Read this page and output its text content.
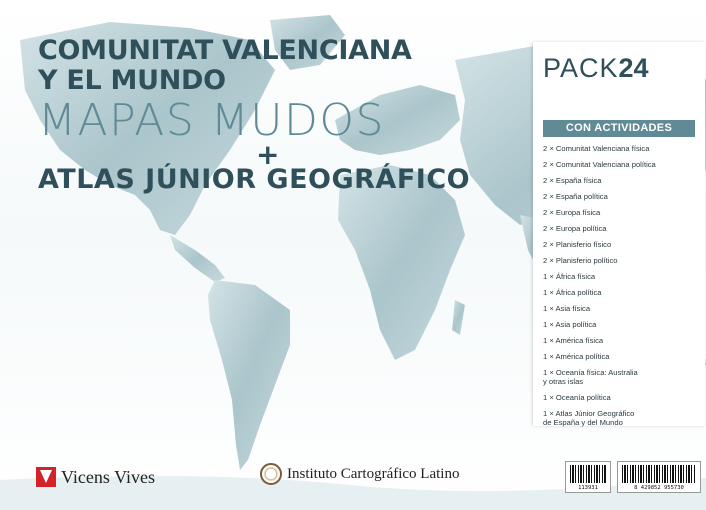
COMUNITAT VALENCIANA
Y EL MUNDO
MAPAS MUDOS
+
ATLAS JÚNIOR GEOGRÁFICO
PACK24
CON ACTIVIDADES
2 × Comunitat Valenciana física
2 × Comunitat Valenciana política
2 × España física
2 × España política
2 × Europa física
2 × Europa política
2 × Planisferio físico
2 × Planisferio político
1 × África física
1 × África política
1 × Asia física
1 × Asia política
1 × América física
1 × América política
1 × Oceanía física: Australia
y otras islas
1 × Oceanía política
1 × Atlas Júnior Geográfico
de España y del Mundo
Vicens Vives	Instituto Cartográfico Latino
113931	8 429852 955730
